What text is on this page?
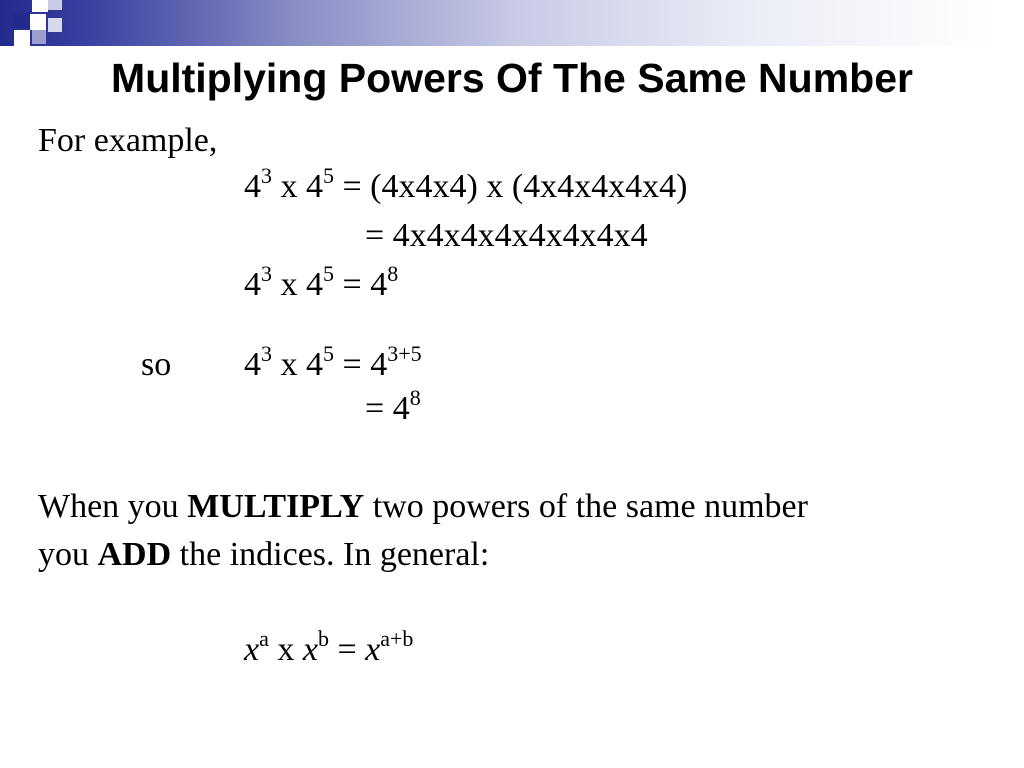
Multiplying Powers Of The Same Number
For example,
$4^3$ x $4^5 = (4x4x4)$ x (4x4x4x4x4)
= 4x4x4x4x4x4x4x4
$4^3$ x $4^5 = 4^8$
so $4^3$ x $4^5 = 4^{3+5}$
= $4^8$
When you MULTIPLY two powers of the same number
you ADD the indices. In general:
$x^a$ x $x^b = x^{a+b}$
